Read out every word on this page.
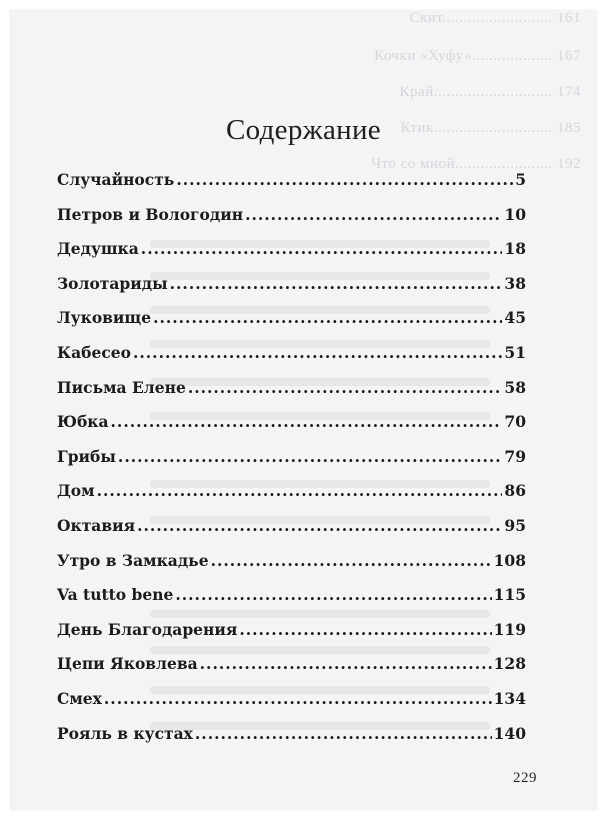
Скит.......................... 161
Кочки «Хуфу»................... 167
Край............................ 174
Ктик............................ 185
Что со мной....................... 192
Содержание
Случайность .....	5
Петров и Вологодин .....	10
Дедушка .....	18
Золотариды .....	38
Луковище .....	45
Кабесео .....	51
Письма Елене .....	58
Юбка .....	70
Грибы .....	79
Дом .....	86
Октавия .....	95
Утро в Замкадье .....	108
Va tutto bene .....	115
День Благодарения .....	119
Цепи Яковлева .....	128
Смех .....	134
Рояль в кустах .....	140
229
